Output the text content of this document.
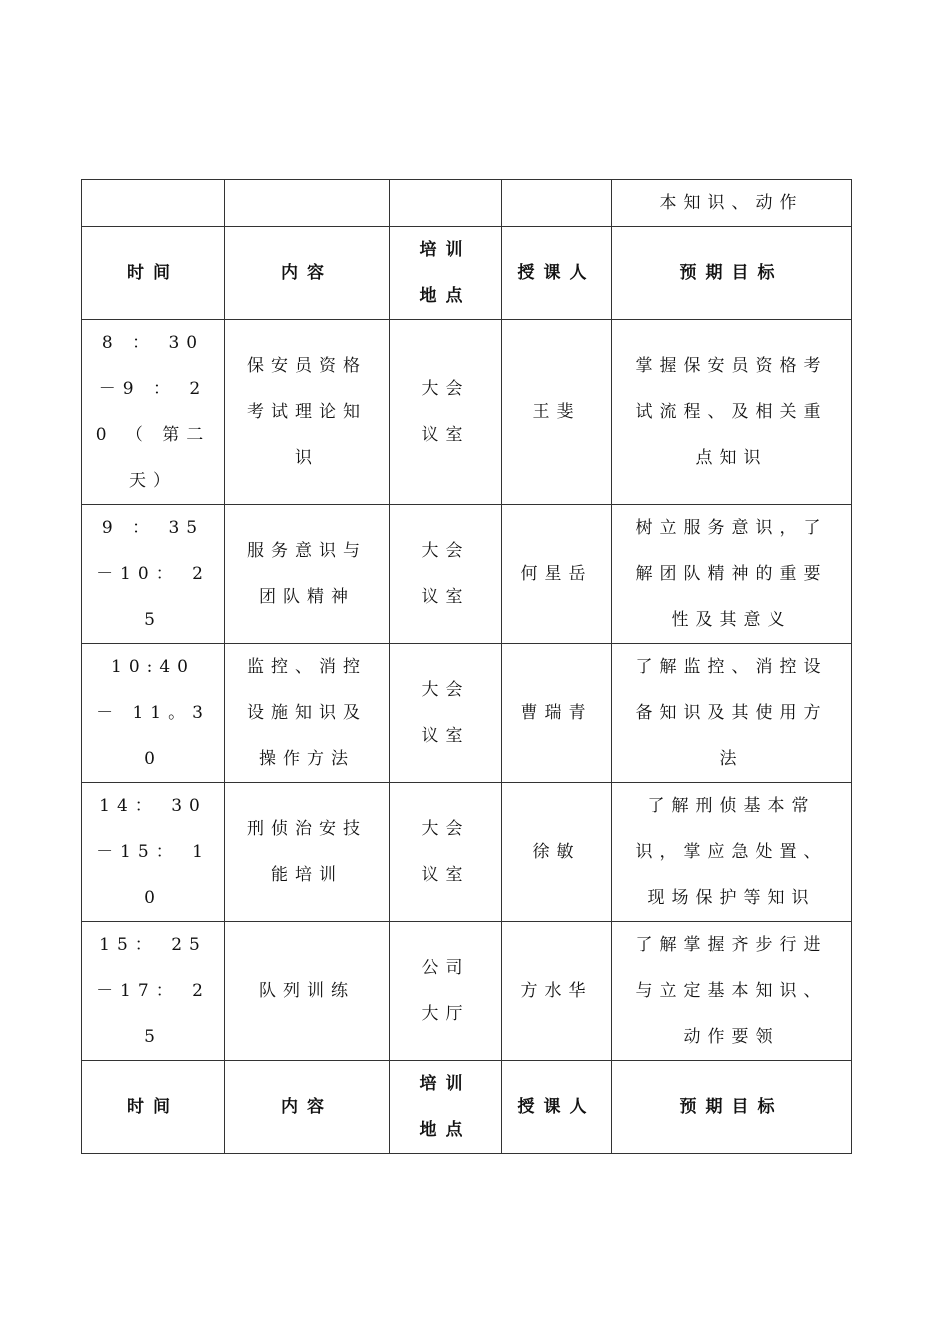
				本知识、动作
时间	内容	培训地点	授课人	预期目标
8 ： 30 －9 ： 20 （ 第二天）	保安员资格考试理论知识	大会议室	王斐	掌握保安员资格考试流程、及相关重点知识
9 ： 35 －10： 25	服务意识与团队精神	大会议室	何星岳	树立服务意识，了解团队精神的重要性及其意义
10:40 － 11。30	监控、消控设施知识及操作方法	大会议室	曹瑞青	了解监控、消控设备知识及其使用方法
14： 30 －15： 10	刑侦治安技能培训	大会议室	徐敏	了解刑侦基本常识，掌应急处置、现场保护等知识
15： 25 －17： 25	队列训练	公司大厅	方水华	了解掌握齐步行进与立定基本知识、动作要领
时间	内容	培训地点	授课人	预期目标
